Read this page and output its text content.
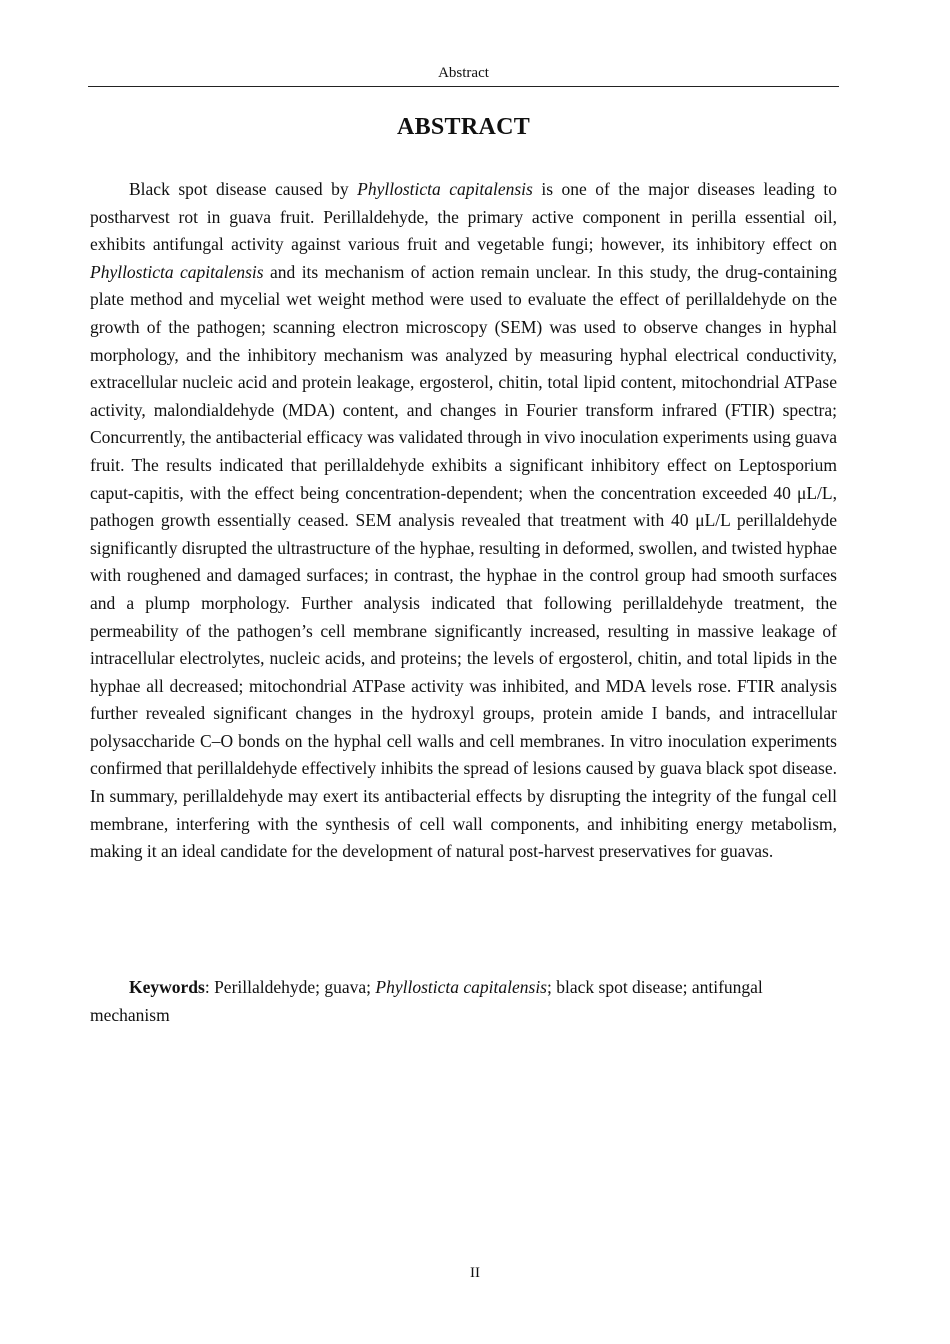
Abstract
ABSTRACT

Black spot disease caused by Phyllosticta capitalensis is one of the major diseases leading to postharvest rot in guava fruit. Perillaldehyde, the primary active component in perilla essential oil, exhibits antifungal activity against various fruit and vegetable fungi; however, its inhibitory effect on Phyllosticta capitalensis and its mechanism of action remain unclear. In this study, the drug-containing plate method and mycelial wet weight method were used to evaluate the effect of perillaldehyde on the growth of the pathogen; scanning electron microscopy (SEM) was used to observe changes in hyphal morphology, and the inhibitory mechanism was analyzed by measuring hyphal electrical conductivity, extracellular nucleic acid and protein leakage, ergosterol, chitin, total lipid content, mitochondrial ATPase activity, malondialdehyde (MDA) content, and changes in Fourier transform infrared (FTIR) spectra; Concurrently, the antibacterial efficacy was validated through in vivo inoculation experiments using guava fruit. The results indicated that perillaldehyde exhibits a significant inhibitory effect on Leptosporium caput-capitis, with the effect being concentration-dependent; when the concentration exceeded 40 μL/L, pathogen growth essentially ceased. SEM analysis revealed that treatment with 40 μL/L perillaldehyde significantly disrupted the ultrastructure of the hyphae, resulting in deformed, swollen, and twisted hyphae with roughened and damaged surfaces; in contrast, the hyphae in the control group had smooth surfaces and a plump morphology. Further analysis indicated that following perillaldehyde treatment, the permeability of the pathogen’s cell membrane significantly increased, resulting in massive leakage of intracellular electrolytes, nucleic acids, and proteins; the levels of ergosterol, chitin, and total lipids in the hyphae all decreased; mitochondrial ATPase activity was inhibited, and MDA levels rose. FTIR analysis further revealed significant changes in the hydroxyl groups, protein amide I bands, and intracellular polysaccharide C–O bonds on the hyphal cell walls and cell membranes. In vitro inoculation experiments confirmed that perillaldehyde effectively inhibits the spread of lesions caused by guava black spot disease. In summary, perillaldehyde may exert its antibacterial effects by disrupting the integrity of the fungal cell membrane, interfering with the synthesis of cell wall components, and inhibiting energy metabolism, making it an ideal candidate for the development of natural post-harvest preservatives for guavas.

Keywords: Perillaldehyde; guava; Phyllosticta capitalensis; black spot disease; antifungal mechanism

II
